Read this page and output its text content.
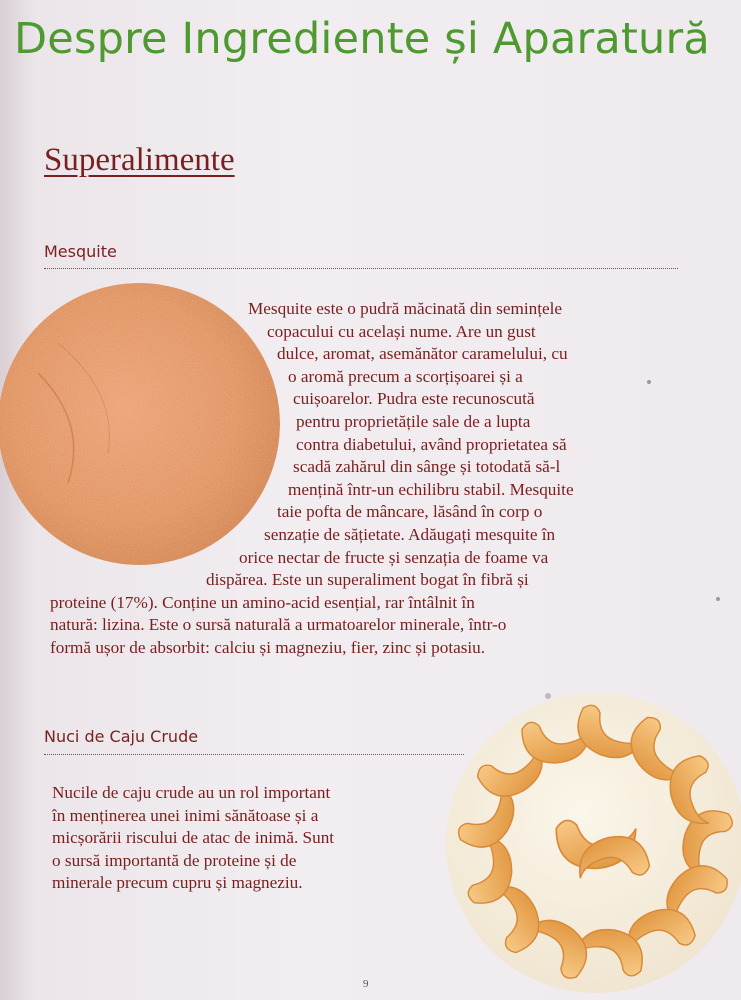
Despre Ingrediente și Aparatură
Superalimente
Mesquite
Mesquite este o pudră măcinată din semințele
copacului cu același nume. Are un gust
dulce, aromat, asemănător caramelului, cu
o aromă precum a scorțișoarei și a
cuișoarelor. Pudra este recunoscută
pentru proprietățile sale de a lupta
contra diabetului, având proprietatea să
scadă zahărul din sânge și totodată să-l
mențină într-un echilibru stabil. Mesquite
taie pofta de mâncare, lăsând în corp o
senzație de sățietate. Adăugați mesquite în
orice nectar de fructe și senzația de foame va
dispărea. Este un superaliment bogat în fibră și
proteine (17%). Conține un amino-acid esențial, rar întâlnit în
natură: lizina. Este o sursă naturală a urmatoarelor minerale, într-o
formă ușor de absorbit: calciu și magneziu, fier, zinc și potasiu.
Nuci de Caju Crude
Nucile de caju crude au un rol important
în menținerea unei inimi sănătoase și a
micșorării riscului de atac de inimă. Sunt
o sursă importantă de proteine și de
minerale precum cupru și magneziu.

9
